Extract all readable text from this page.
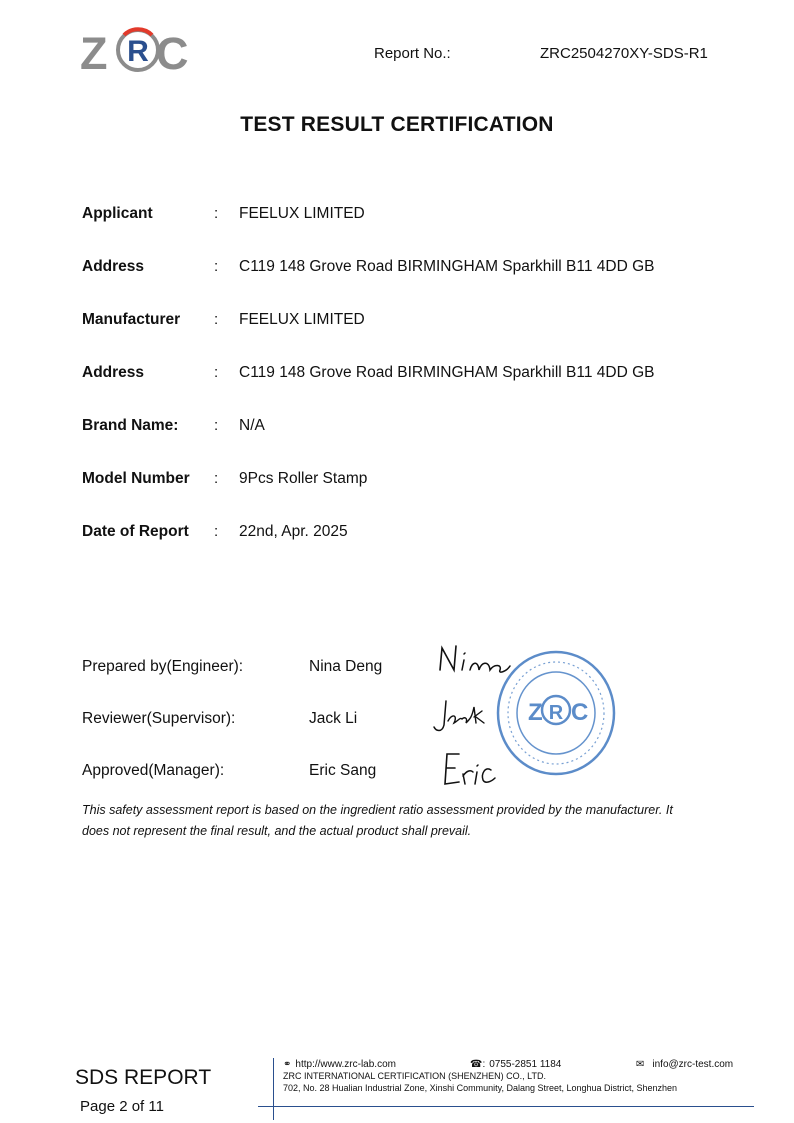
Z R C	Report No.:	ZRC2504270XY-SDS-R1
TEST RESULT CERTIFICATION
Applicant	: FEELUX LIMITED
Address	: C119 148 Grove Road BIRMINGHAM Sparkhill B11 4DD GB
Manufacturer : FEELUX LIMITED
Address	: C119 148 Grove Road BIRMINGHAM Sparkhill B11 4DD GB
Brand Name: : N/A
Model Number : 9Pcs Roller Stamp
Date of Report : 22nd, Apr. 2025
Prepared by(Engineer):	Nina Deng
Reviewer(Supervisor):	Jack Li
Approved(Manager):	Eric Sang
Z R C
This safety assessment report is based on the ingredient ratio assessment provided by the manufacturer. It
does not represent the final result, and the actual product shall prevail.
SDS REPORT
Page 2 of 11
⚭ http://www.zrc-lab.com	☎: 0755-2851 1184	✉ info@zrc-test.com
ZRC INTERNATIONAL CERTIFICATION (SHENZHEN) CO., LTD.
702, No. 28 Hualian Industrial Zone, Xinshi Community, Dalang Street, Longhua District, Shenzhen
